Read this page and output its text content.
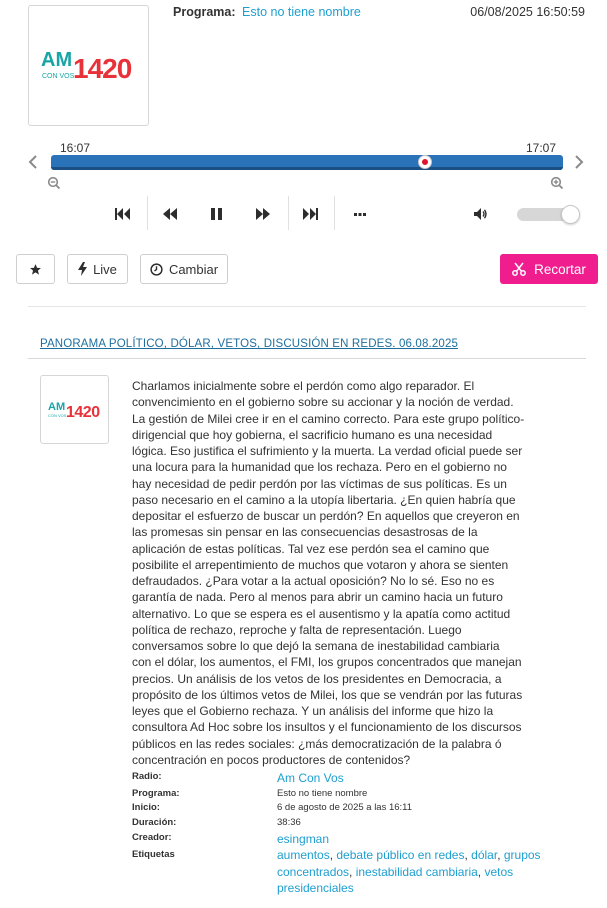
AM
CON VOS
1420
Programa: Esto no tiene nombre	06/08/2025 16:50:59
16:07	17:07
Live	Cambiar	Recortar
PANORAMA POLÍTICO, DÓLAR, VETOS, DISCUSIÓN EN REDES. 06.08.2025
AM
CON VOS 1420
Charlamos inicialmente sobre el perdón como algo reparador. El
convencimiento en el gobierno sobre su accionar y la noción de verdad.
La gestión de Milei cree ir en el camino correcto. Para este grupo político-
dirigencial que hoy gobierna, el sacrificio humano es una necesidad
lógica. Eso justifica el sufrimiento y la muerta. La verdad oficial puede ser
una locura para la humanidad que los rechaza. Pero en el gobierno no
hay necesidad de pedir perdón por las víctimas de sus políticas. Es un
paso necesario en el camino a la utopía libertaria. ¿En quien habría que
depositar el esfuerzo de buscar un perdón? En aquellos que creyeron en
las promesas sin pensar en las consecuencias desastrosas de la
aplicación de estas políticas. Tal vez ese perdón sea el camino que
posibilite el arrepentimiento de muchos que votaron y ahora se sienten
defraudados. ¿Para votar a la actual oposición? No lo sé. Eso no es
garantía de nada. Pero al menos para abrir un camino hacia un futuro
alternativo. Lo que se espera es el ausentismo y la apatía como actitud
política de rechazo, reproche y falta de representación. Luego
conversamos sobre lo que dejó la semana de inestabilidad cambiaria
con el dólar, los aumentos, el FMI, los grupos concentrados que manejan
precios. Un análisis de los vetos de los presidentes en Democracia, a
propósito de los últimos vetos de Milei, los que se vendrán por las futuras
leyes que el Gobierno rechaza. Y un análisis del informe que hizo la
consultora Ad Hoc sobre los insultos y el funcionamiento de los discursos
públicos en las redes sociales: ¿más democratización de la palabra ó
concentración en pocos productores de contenidos?
Radio:	Am Con Vos
Programa:	Esto no tiene nombre
Inicio:	6 de agosto de 2025 a las 16:11
Duración:	38:36
Creador:	esingman
Etiquetas	aumentos, debate público en redes, dólar, grupos concentrados, inestabilidad cambiaria, vetos presidenciales
